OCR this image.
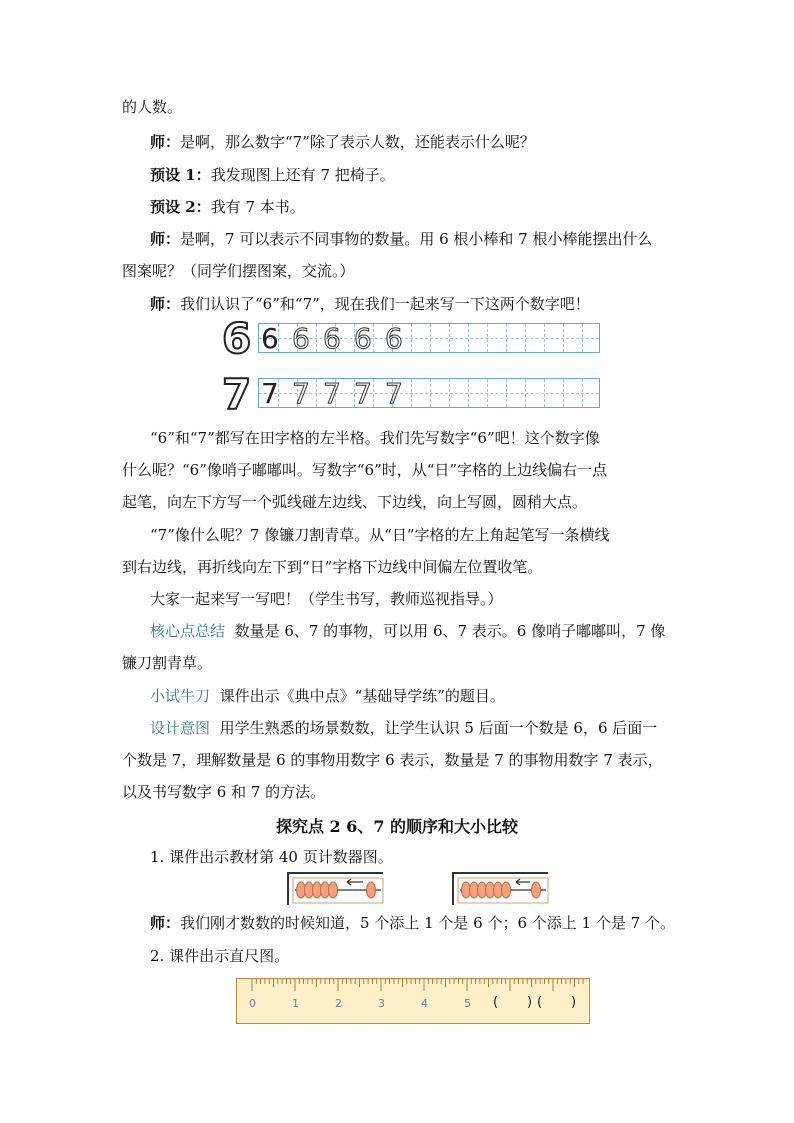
的人数。
师：是啊，那么数字“7”除了表示人数，还能表示什么呢？
预设 1：我发现图上还有 7 把椅子。
预设 2：我有 7 本书。
师：是啊，7 可以表示不同事物的数量。用 6 根小棒和 7 根小棒能摆出什么
图案呢？（同学们摆图案，交流。）
师：我们认识了“6”和“7”，现在我们一起来写一下这两个数字吧！
6 6 6 6 6 6
7 7 7 7 7 7
“6”和“7”都写在田字格的左半格。我们先写数字“6”吧！这个数字像
什么呢？“6”像哨子嘟嘟叫。写数字“6”时，从“日”字格的上边线偏右一点
起笔，向左下方写一个弧线碰左边线、下边线，向上写圆，圆稍大点。
“7”像什么呢？7 像镰刀割青草。从“日”字格的左上角起笔写一条横线
到右边线，再折线向左下到“日”字格下边线中间偏左位置收笔。
大家一起来写一写吧！（学生书写，教师巡视指导。）
核心点总结 数量是 6、7 的事物，可以用 6、7 表示。6 像哨子嘟嘟叫，7 像
镰刀割青草。
小试牛刀 课件出示《典中点》“基础导学练”的题目。
设计意图 用学生熟悉的场景数数，让学生认识 5 后面一个数是 6，6 后面一
个数是 7，理解数量是 6 的事物用数字 6 表示，数量是 7 的事物用数字 7 表示，
以及书写数字 6 和 7 的方法。
探究点 2 6、7 的顺序和大小比较
1. 课件出示教材第 40 页计数器图。
师：我们刚才数数的时候知道，5 个添上 1 个是 6 个；6 个添上 1 个是 7 个。
2. 课件出示直尺图。
0	1	2	3	4	5 (       ) (       )
